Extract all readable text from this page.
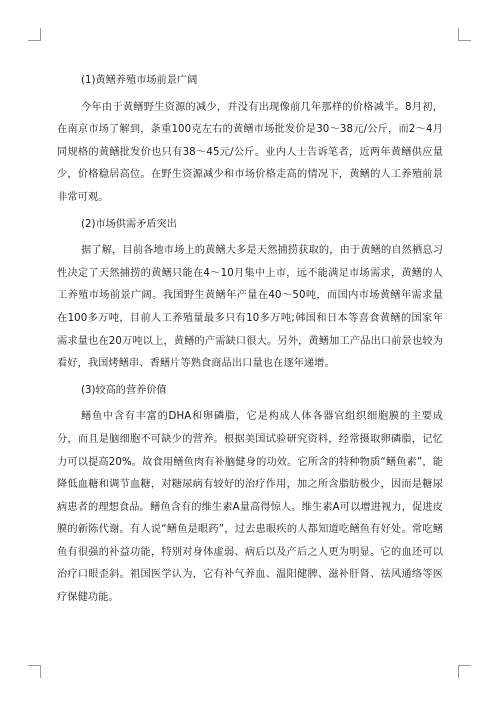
(1)黄鳝养殖市场前景广阔

今年由于黄鳝野生资源的减少，并没有出现像前几年那样的价格减半。8月初，在南京市场了解到，条重100克左右的黄鳝市场批发价是30～38元/公斤，而2～4月同规格的黄鳝批发价也只有38～45元/公斤。业内人士告诉笔者，近两年黄鳝供应量少，价格稳居高位。在野生资源减少和市场价格走高的情况下，黄鳝的人工养殖前景非常可观。

(2)市场供需矛盾突出

据了解，目前各地市场上的黄鳝大多是天然捕捞获取的，由于黄鳝的自然栖息习性决定了天然捕捞的黄鳝只能在4～10月集中上市，远不能满足市场需求，黄鳝的人工养殖市场前景广阔。我国野生黄鳝年产量在40～50吨，而国内市场黄鳝年需求量在100多万吨，目前人工养殖量最多只有10多万吨;韩国和日本等喜食黄鳝的国家年需求量也在20万吨以上，黄鳝的产需缺口很大。另外，黄鳝加工产品出口前景也较为看好，我国烤鳝串、香鳝片等熟食商品出口量也在逐年递增。

(3)较高的营养价值

鳝鱼中含有丰富的DHA和卵磷脂，它是构成人体各器官组织细胞膜的主要成分，而且是脑细胞不可缺少的营养。根据美国试验研究资料，经常摄取卵磷脂，记忆力可以提高20%。故食用鳝鱼肉有补脑健身的功效。它所含的特种物质“鳝鱼素”，能降低血糖和调节血糖，对糖尿病有较好的治疗作用，加之所含脂肪极少，因而是糖尿病患者的理想食品。鳝鱼含有的维生素A量高得惊人。维生素A可以增进视力，促进皮膜的新陈代谢。有人说“鳝鱼是眼药”，过去患眼疾的人都知道吃鳝鱼有好处。常吃鳝鱼有很强的补益功能，特别对身体虚弱、病后以及产后之人更为明显。它的血还可以治疗口眼歪斜。祖国医学认为，它有补气养血、温阳健脾、滋补肝肾、祛风通络等医疗保健功能。
